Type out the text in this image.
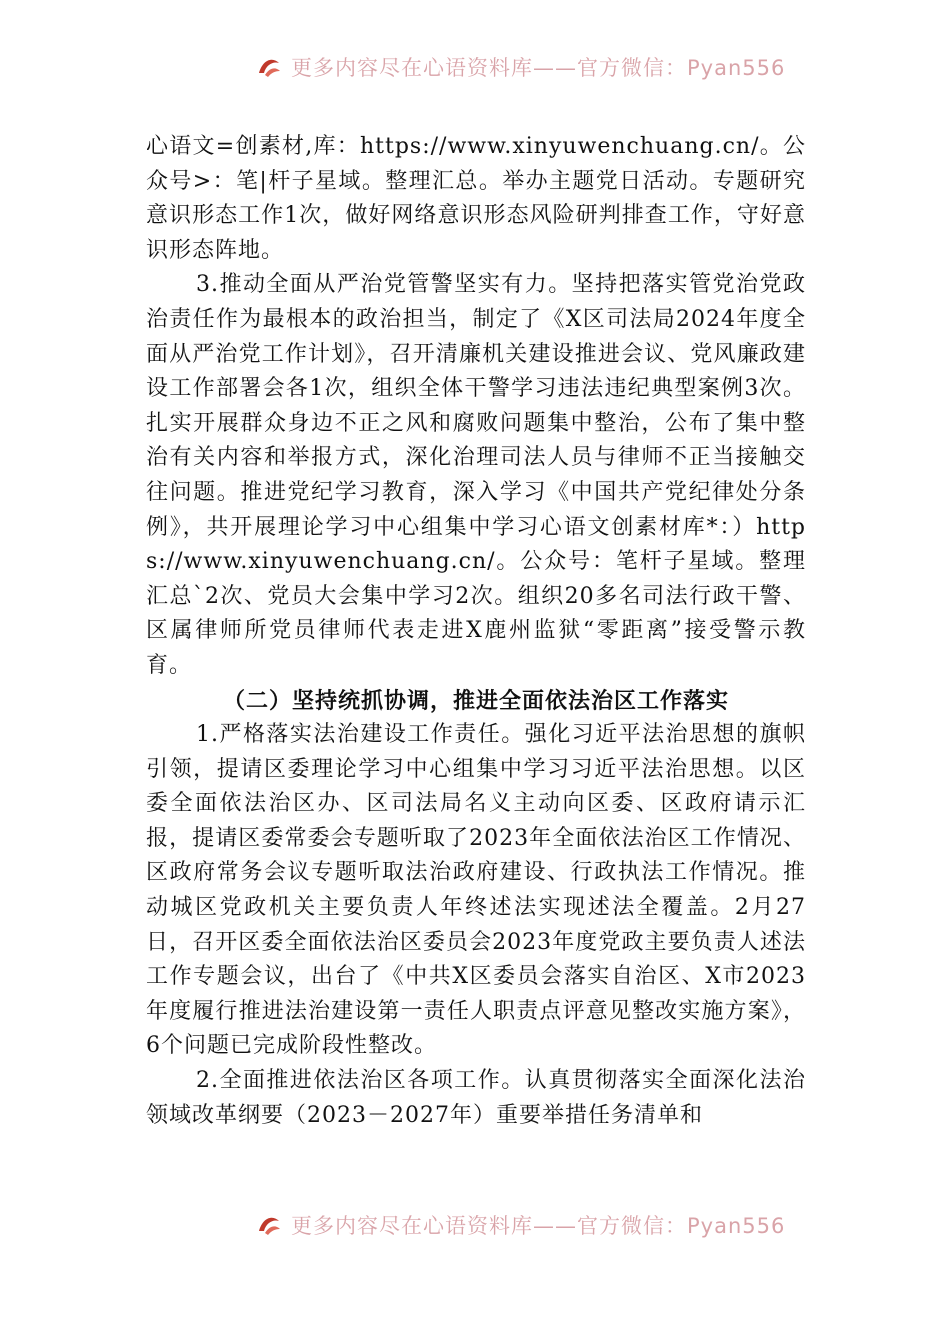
更多内容尽在心语资料库——官方微信：Pyan556

心语文=创素材,库：https://www.xinyuwenchuang.cn/。公众号>：笔|杆子星域。整理汇总。举办主题党日活动。专题研究意识形态工作1次，做好网络意识形态风险研判排查工作，守好意识形态阵地。

3.推动全面从严治党管警坚实有力。坚持把落实管党治党政治责任作为最根本的政治担当，制定了《X区司法局2024年度全面从严治党工作计划》，召开清廉机关建设推进会议、党风廉政建设工作部署会各1次，组织全体干警学习违法违纪典型案例3次。扎实开展群众身边不正之风和腐败问题集中整治，公布了集中整治有关内容和举报方式，深化治理司法人员与律师不正当接触交往问题。推进党纪学习教育，深入学习《中国共产党纪律处分条例》，共开展理论学习中心组集中学习心语文创素材库*：）https://www.xinyuwenchuang.cn/。公众号：笔杆子星域。整理汇总`2次、党员大会集中学习2次。组织20多名司法行政干警、区属律师所党员律师代表走进X鹿州监狱“零距离”接受警示教育。

（二）坚持统抓协调，推进全面依法治区工作落实

1.严格落实法治建设工作责任。强化习近平法治思想的旗帜引领，提请区委理论学习中心组集中学习习近平法治思想。以区委全面依法治区办、区司法局名义主动向区委、区政府请示汇报，提请区委常委会专题听取了2023年全面依法治区工作情况、区政府常务会议专题听取法治政府建设、行政执法工作情况。推动城区党政机关主要负责人年终述法实现述法全覆盖。2月27日，召开区委全面依法治区委员会2023年度党政主要负责人述法工作专题会议，出台了《中共X区委员会落实自治区、X市2023年度履行推进法治建设第一责任人职责点评意见整改实施方案》，6个问题已完成阶段性整改。

2.全面推进依法治区各项工作。认真贯彻落实全面深化法治领域改革纲要（2023－2027年）重要举措任务清单和

更多内容尽在心语资料库——官方微信：Pyan556
